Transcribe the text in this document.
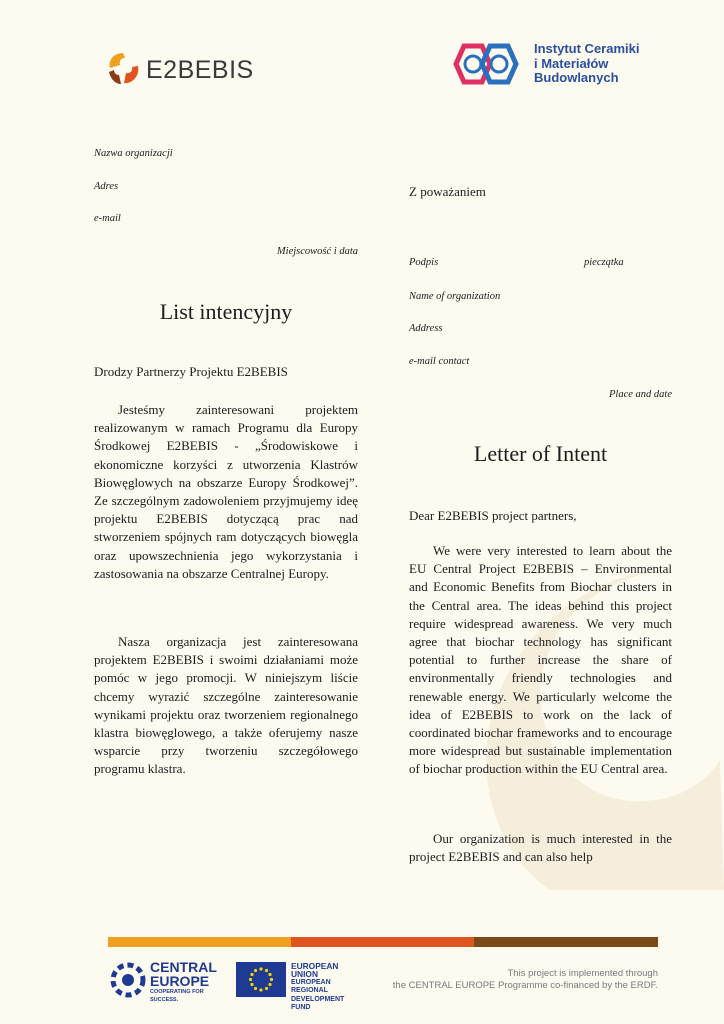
E2BEBIS
Instytut Ceramiki
i Materiałów
Budowlanych
Nazwa organizacji
Adres
e-mail
Miejscowość i data
List intencyjny
Drodzy Partnerzy Projektu E2BEBIS

Jesteśmy zainteresowani projektem realizowanym w ramach Programu dla Europy Środkowej E2BEBIS - „Środowiskowe i ekonomiczne korzyści z utworzenia Klastrów Biowęglowych na obszarze Europy Środkowej”. Ze szczególnym zadowoleniem przyjmujemy ideę projektu E2BEBIS dotyczącą prac nad stworzeniem spójnych ram dotyczących biowęgla oraz upowszechnienia jego wykorzystania i zastosowania na obszarze Centralnej Europy.

Nasza organizacja jest zainteresowana projektem E2BEBIS i swoimi działaniami może pomóc w jego promocji. W niniejszym liście chcemy wyrazić szczególne zainteresowanie wynikami projektu oraz tworzeniem regionalnego klastra biowęglowego, a także oferujemy nasze wsparcie przy tworzeniu szczegółowego programu klastra.

Z poważaniem
Podpis	pieczątka
Name of organization
Address
e-mail contact
Place and date
Letter of Intent
Dear E2BEBIS project partners,

We were very interested to learn about the EU Central Project E2BEBIS – Environmental and Economic Benefits from Biochar clusters in the Central area. The ideas behind this project require widespread awareness. We very much agree that biochar technology has significant potential to further increase the share of environmentally friendly technologies and renewable energy. We particularly welcome the idea of E2BEBIS to work on the lack of coordinated biochar frameworks and to encourage more widespread but sustainable implementation of biochar production within the EU Central area.

Our organization is much interested in the project E2BEBIS and can also help

CENTRAL
EUROPE
COOPERATING FOR SUCCESS.
EUROPEAN UNION
EUROPEAN REGIONAL
DEVELOPMENT FUND
This project is implemented through
the CENTRAL EUROPE Programme co-financed by the ERDF.
